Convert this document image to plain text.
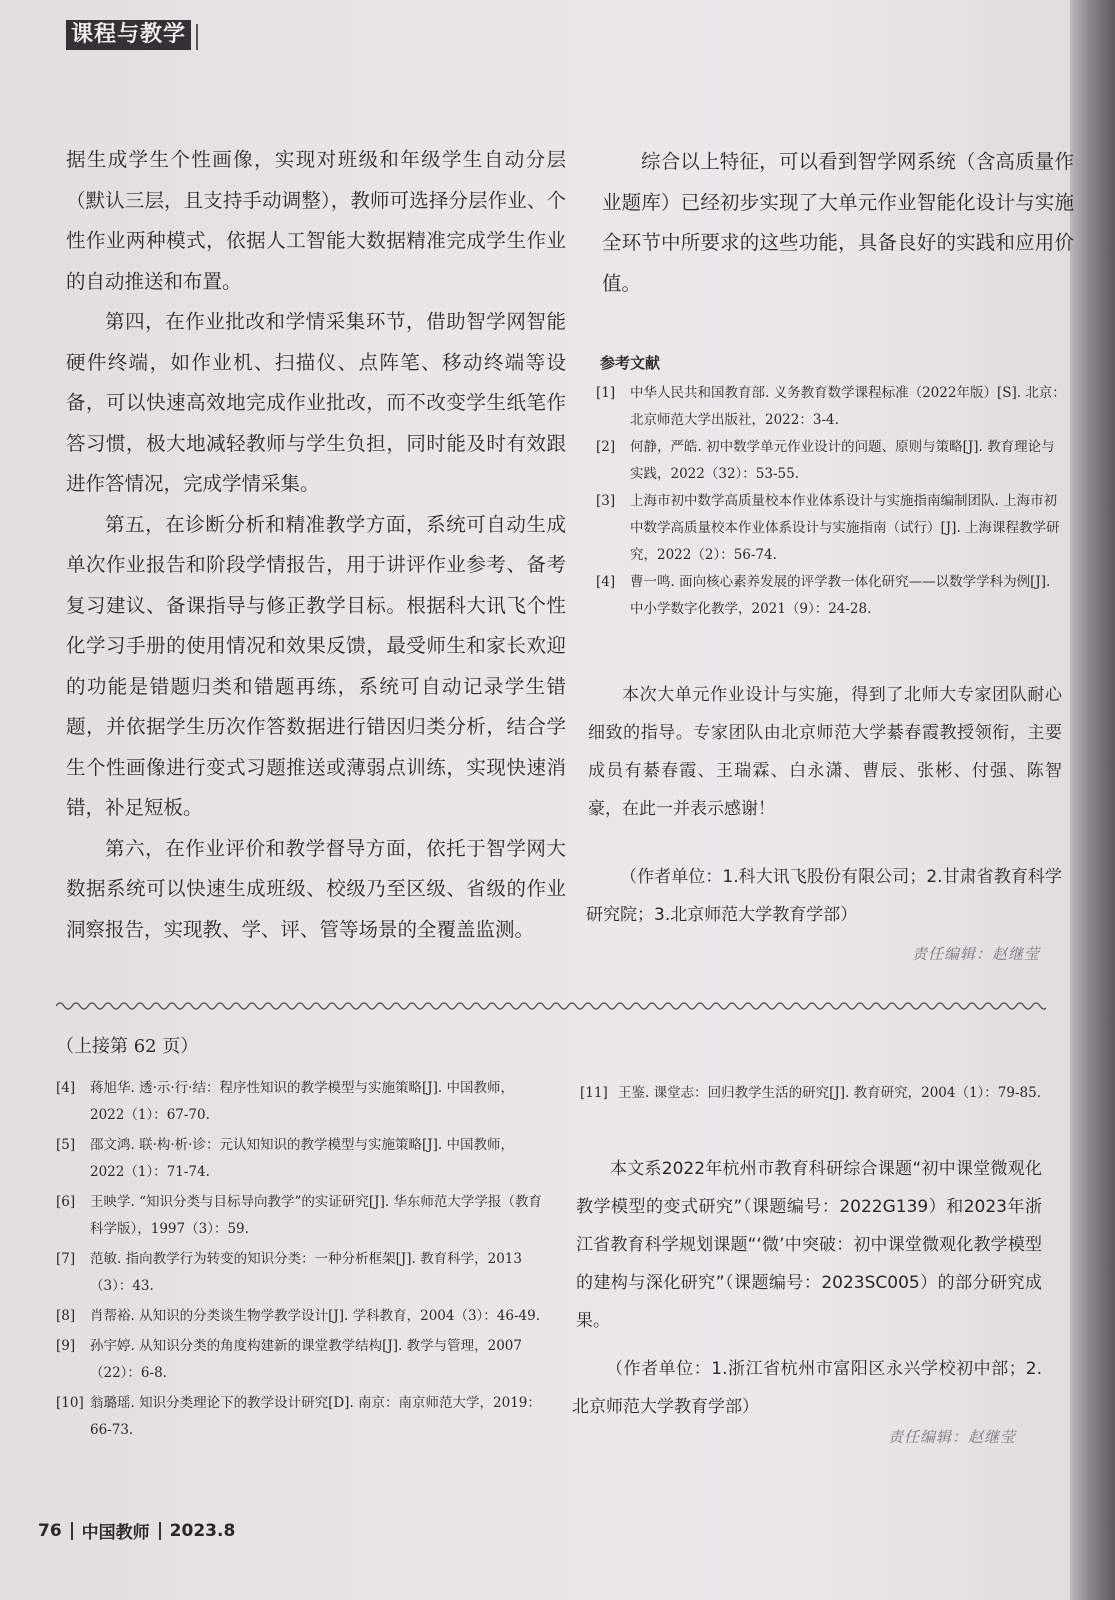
课程与教学

据生成学生个性画像，实现对班级和年级学生自动分层（默认三层，且支持手动调整），教师可选择分层作业、个性作业两种模式，依据人工智能大数据精准完成学生作业的自动推送和布置。

第四，在作业批改和学情采集环节，借助智学网智能硬件终端，如作业机、扫描仪、点阵笔、移动终端等设备，可以快速高效地完成作业批改，而不改变学生纸笔作答习惯，极大地减轻教师与学生负担，同时能及时有效跟进作答情况，完成学情采集。

第五，在诊断分析和精准教学方面，系统可自动生成单次作业报告和阶段学情报告，用于讲评作业参考、备考复习建议、备课指导与修正教学目标。根据科大讯飞个性化学习手册的使用情况和效果反馈，最受师生和家长欢迎的功能是错题归类和错题再练，系统可自动记录学生错题，并依据学生历次作答数据进行错因归类分析，结合学生个性画像进行变式习题推送或薄弱点训练，实现快速消错，补足短板。

第六，在作业评价和教学督导方面，依托于智学网大数据系统可以快速生成班级、校级乃至区级、省级的作业洞察报告，实现教、学、评、管等场景的全覆盖监测。

综合以上特征，可以看到智学网系统（含高质量作业题库）已经初步实现了大单元作业智能化设计与实施全环节中所要求的这些功能，具备良好的实践和应用价值。
参考文献
[1]	中华人民共和国教育部. 义务教育数学课程标准（2022年版）[S]. 北京：北京师范大学出版社，2022：3-4.
[2]	何静，严皓. 初中数学单元作业设计的问题、原则与策略[J]. 教育理论与实践，2022（32）：53-55.
[3]	上海市初中数学高质量校本作业体系设计与实施指南编制团队. 上海市初中数学高质量校本作业体系设计与实施指南（试行）[J]. 上海课程教学研究，2022（2）：56-74.
[4]	曹一鸣. 面向核心素养发展的评学教一体化研究——以数学学科为例[J]. 中小学数字化教学，2021（9）：24-28.
本次大单元作业设计与实施，得到了北师大专家团队耐心细致的指导。专家团队由北京师范大学綦春霞教授领衔，主要成员有綦春霞、王瑞霖、白永潇、曹辰、张彬、付强、陈智豪，在此一并表示感谢！
（作者单位：1.科大讯飞股份有限公司；2.甘肃省教育科学研究院；3.北京师范大学教育学部）
责任编辑：赵继莹
（上接第 62 页）
[4]	蒋旭华. 透·示·行·结：程序性知识的教学模型与实施策略[J]. 中国教师，2022（1）：67-70.
[5]	邵文鸿. 联·构·析·诊：元认知知识的教学模型与实施策略[J]. 中国教师，2022（1）：71-74.
[6]	王映学. “知识分类与目标导向教学”的实证研究[J]. 华东师范大学学报（教育科学版），1997（3）：59.
[7]	范敏. 指向教学行为转变的知识分类：一种分析框架[J]. 教育科学，2013（3）：43.
[8]	肖帮裕. 从知识的分类谈生物学教学设计[J]. 学科教育，2004（3）：46-49.
[9]	孙宇婷. 从知识分类的角度构建新的课堂教学结构[J]. 教学与管理，2007（22）：6-8.
[10] 翁璐瑶. 知识分类理论下的教学设计研究[D]. 南京：南京师范大学，2019：66-73.
[11] 王鉴. 课堂志：回归教学生活的研究[J]. 教育研究，2004（1）：79-85.
本文系2022年杭州市教育科研综合课题“初中课堂微观化教学模型的变式研究”（课题编号：2022G139）和2023年浙江省教育科学规划课题“‘微’中突破：初中课堂微观化教学模型的建构与深化研究”（课题编号：2023SC005）的部分研究成果。
（作者单位：1.浙江省杭州市富阳区永兴学校初中部；2.北京师范大学教育学部）
责任编辑：赵继莹
76 中国教师 2023.8
